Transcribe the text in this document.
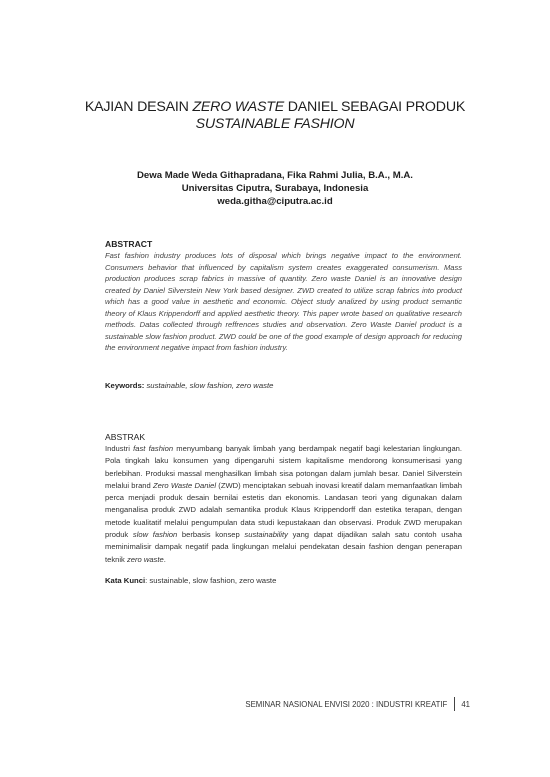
KAJIAN DESAIN ZERO WASTE DANIEL SEBAGAI PRODUK
SUSTAINABLE FASHION
Dewa Made Weda Githapradana, Fika Rahmi Julia, B.A., M.A.
Universitas Ciputra, Surabaya, Indonesia
weda.githa@ciputra.ac.id

ABSTRACT

Fast fashion industry produces lots of disposal which brings negative impact to the environment. Consumers behavior that influenced by capitalism system creates exaggerated consumerism. Mass production produces scrap fabrics in massive of quantity. Zero waste Daniel is an innovative design created by Daniel Silverstein New York based designer. ZWD created to utilize scrap fabrics into product which has a good value in aesthetic and economic. Object study analized by using product semantic theory of Klaus Krippendorff and applied aesthetic theory. This paper wrote based on qualitative research methods. Datas collected through reffrences studies and observation. Zero Waste Daniel product is a sustainable slow fashion product. ZWD could be one of the good example of design approach for reducing the environment negative impact from fashion industry.

Keywords: sustainable, slow fashion, zero waste

ABSTRAK

Industri fast fashion menyumbang banyak limbah yang berdampak negatif bagi kelestarian lingkungan. Pola tingkah laku konsumen yang dipengaruhi sistem kapitalisme mendorong konsumerisasi yang berlebihan. Produksi massal menghasilkan limbah sisa potongan dalam jumlah besar. Daniel Silverstein melalui brand Zero Waste Daniel (ZWD) menciptakan sebuah inovasi kreatif dalam memanfaatkan limbah perca menjadi produk desain bernilai estetis dan ekonomis. Landasan teori yang digunakan dalam menganalisa produk ZWD adalah semantika produk Klaus Krippendorff dan estetika terapan, dengan metode kualitatif melalui pengumpulan data studi kepustakaan dan observasi. Produk ZWD merupakan produk slow fashion berbasis konsep sustainability yang dapat dijadikan salah satu contoh usaha meminimalisir dampak negatif pada lingkungan melalui pendekatan desain fashion dengan penerapan teknik zero waste.

Kata Kunci: sustainable, slow fashion, zero waste

SEMINAR NASIONAL ENVISI 2020 : INDUSTRI KREATIF 41
